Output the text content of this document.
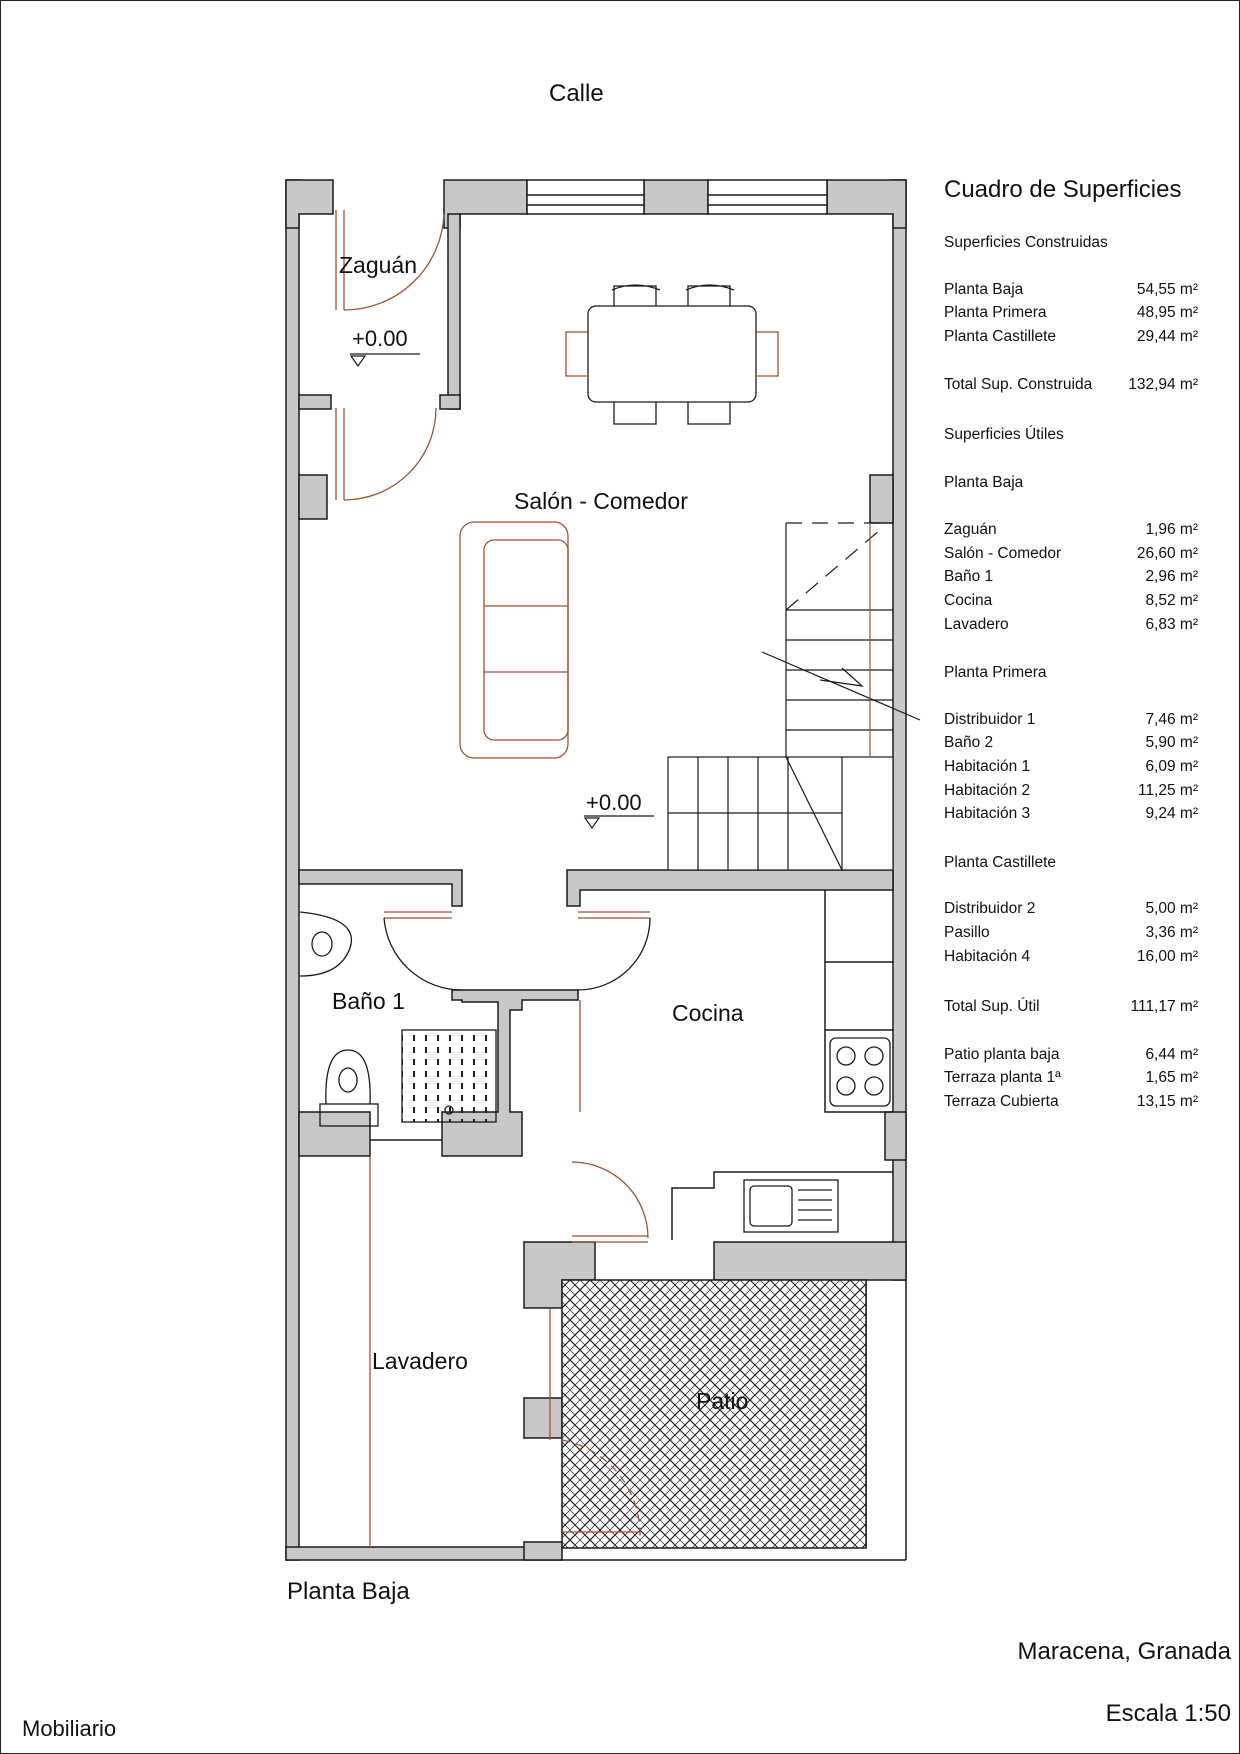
Calle
Zaguán
+0.00
Salón - Comedor
+0.00
Baño 1	Cocina
Lavadero
Patio
Planta Baja
Maracena, Granada
Escala 1:50
Mobiliario
Cuadro de Superficies
Superficies Construidas
Planta Baja	54,55 m²
Planta Primera	48,95 m²
Planta Castillete	29,44 m²
Total Sup. Construida 132,94 m²
Superficies Útiles
Planta Baja
Zaguán	1,96 m²
Salón - Comedor	26,60 m²
Baño 1	2,96 m²
Cocina	8,52 m²
Lavadero	6,83 m²
Planta Primera
Distribuidor 1	7,46 m²
Baño 2	5,90 m²
Habitación 1	6,09 m²
Habitación 2	11,25 m²
Habitación 3	9,24 m²
Planta Castillete
Distribuidor 2	5,00 m²
Pasillo	3,36 m²
Habitación 4	16,00 m²
Total Sup. Útil	111,17 m²
Patio planta baja	6,44 m²
Terraza planta 1ª	1,65 m²
Terraza Cubierta	13,15 m²
